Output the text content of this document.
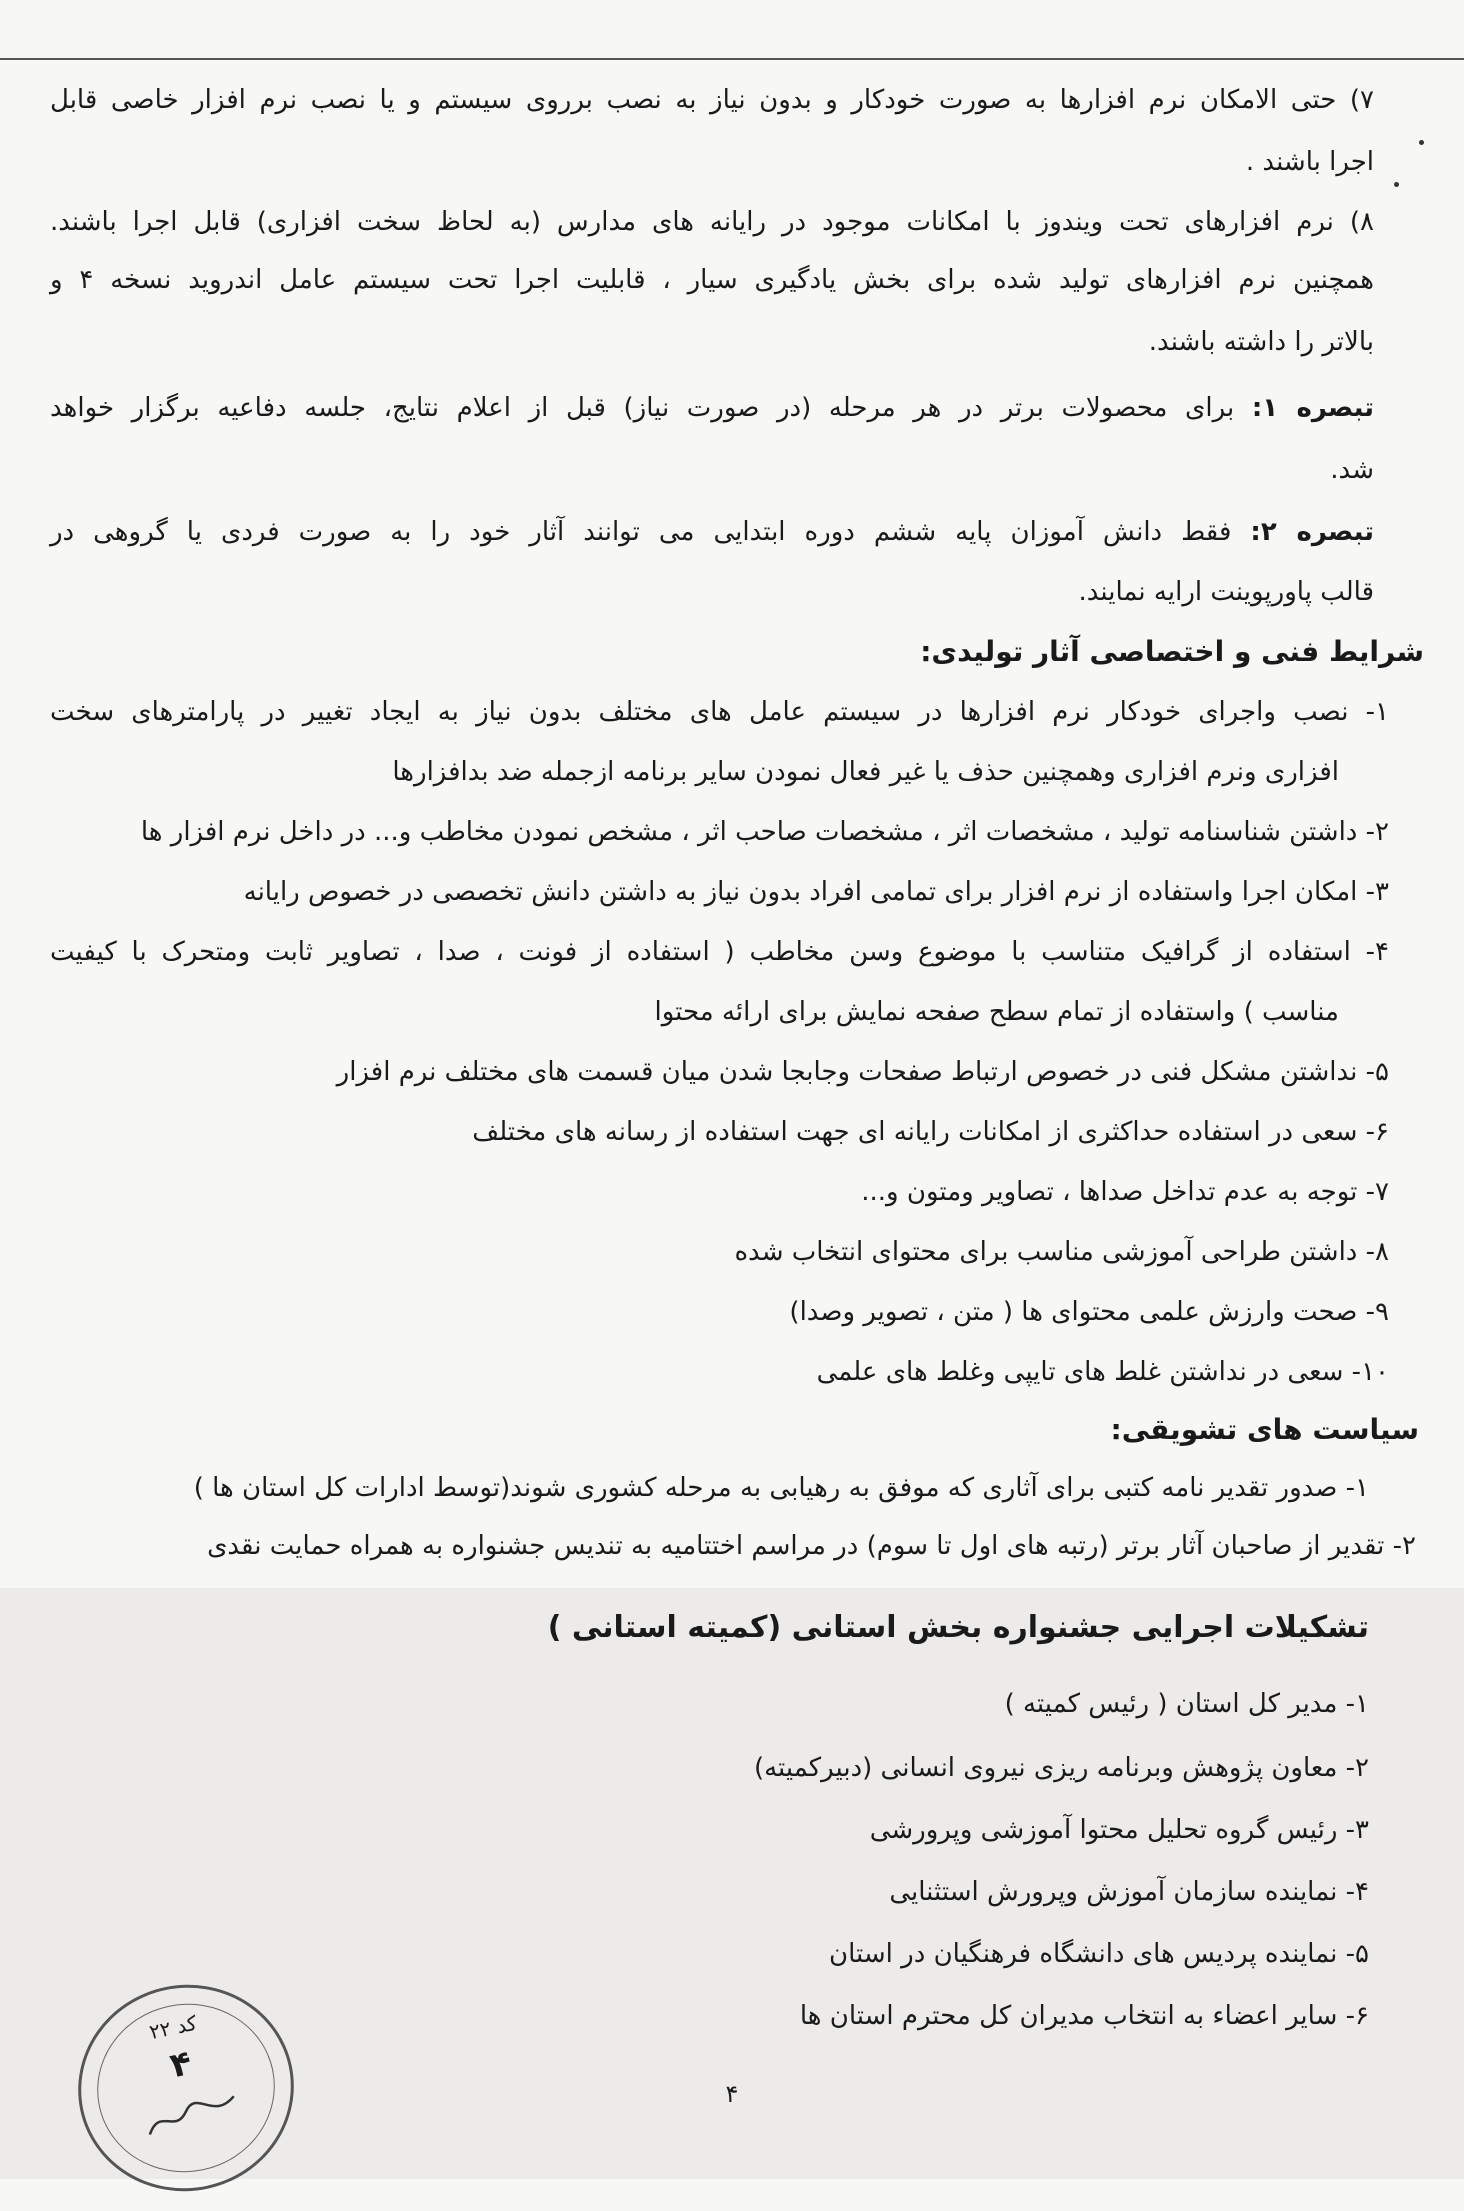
۷) حتی الامکان نرم افزارها به صورت خودکار و بدون نیاز به نصب برروی سیستم و یا نصب نرم افزار خاصی قابل
اجرا باشند .
۸) نرم افزارهای تحت ویندوز با امکانات موجود در رایانه های مدارس (به لحاظ سخت افزاری) قابل اجرا باشند.
همچنین نرم افزارهای تولید شده برای بخش یادگیری سیار ، قابلیت اجرا تحت سیستم عامل اندروید نسخه ۴ و
بالاتر را داشته باشند.
تبصره ۱: برای محصولات برتر در هر مرحله (در صورت نیاز) قبل از اعلام نتایج، جلسه دفاعیه برگزار خواهد
شد.
تبصره ۲: فقط دانش آموزان پایه ششم دوره ابتدایی می توانند آثار خود را به صورت فردی یا گروهی در
قالب پاورپوینت ارایه نمایند.
شرایط فنی و اختصاصی آثار تولیدی:
۱- نصب واجرای خودکار نرم افزارها در سیستم عامل های مختلف بدون نیاز به ایجاد تغییر در پارامترهای سخت
افزاری ونرم افزاری وهمچنین حذف یا غیر فعال نمودن سایر برنامه ازجمله ضد بدافزارها
۲- داشتن شناسنامه تولید ، مشخصات اثر ، مشخصات صاحب اثر ، مشخص نمودن مخاطب و... در داخل نرم افزار ها
۳- امکان اجرا واستفاده از نرم افزار برای تمامی افراد بدون نیاز به داشتن دانش تخصصی در خصوص رایانه
۴- استفاده از گرافیک متناسب با موضوع وسن مخاطب ( استفاده از فونت ، صدا ، تصاویر ثابت ومتحرک با کیفیت
مناسب ) واستفاده از تمام سطح صفحه نمایش برای ارائه محتوا
۵- نداشتن مشکل فنی در خصوص ارتباط صفحات وجابجا شدن میان قسمت های مختلف نرم افزار
۶- سعی در استفاده حداکثری از امکانات رایانه ای جهت استفاده از رسانه های مختلف
۷- توجه به عدم تداخل صداها ، تصاویر ومتون و...
۸- داشتن طراحی آموزشی مناسب برای محتوای انتخاب شده
۹- صحت وارزش علمی محتوای ها ( متن ، تصویر وصدا)
۱۰- سعی در نداشتن غلط های تایپی وغلط های علمی
سیاست های تشویقی:
۱- صدور تقدیر نامه کتبی برای آثاری که موفق به رهیابی به مرحله کشوری شوند(توسط ادارات کل استان ها )
۲- تقدیر از صاحبان آثار برتر (رتبه های اول تا سوم) در مراسم اختتامیه به تندیس جشنواره به همراه حمایت نقدی
تشکیلات اجرایی جشنواره بخش استانی (کمیته استانی )
۱- مدیر کل استان ( رئیس کمیته )
۲- معاون پژوهش وبرنامه ریزی نیروی انسانی (دبیرکمیته)
۳- رئیس گروه تحلیل محتوا آموزشی وپرورشی
۴- نماینده سازمان آموزش وپرورش استثنایی
۵- نماینده پردیس های دانشگاه فرهنگیان در استان
۶- سایر اعضاء به انتخاب مدیران کل محترم استان ها
کد ۲۲
۴
۴
